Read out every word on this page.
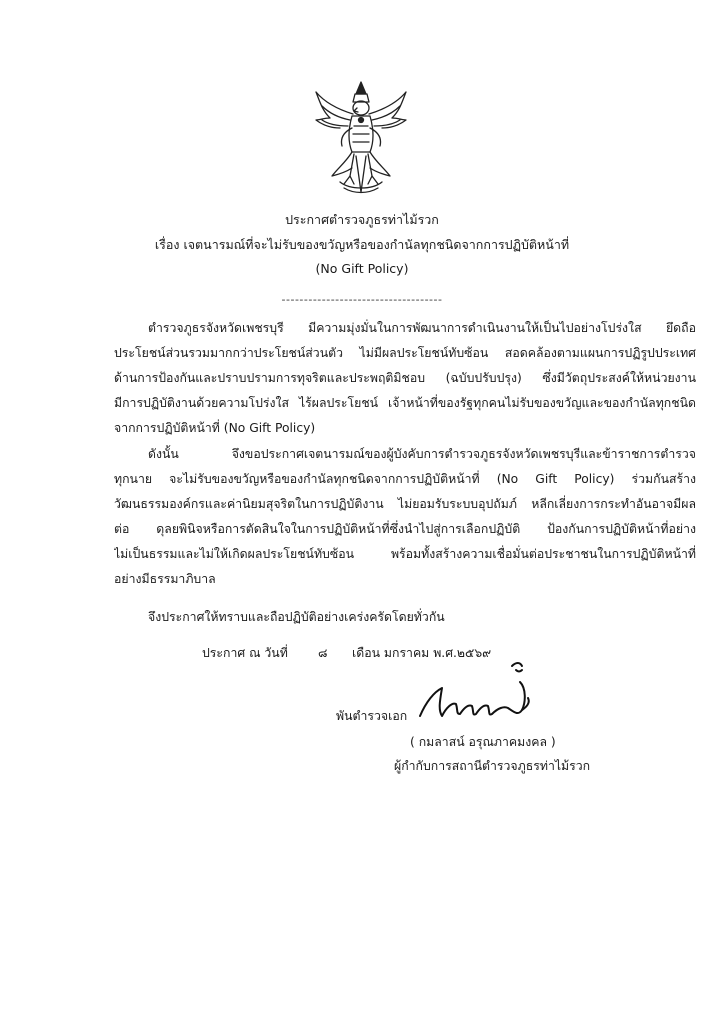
ประกาศตำรวจภูธรท่าไม้รวก
เรื่อง เจตนารมณ์ที่จะไม่รับของขวัญหรือของกำนัลทุกชนิดจากการปฏิบัติหน้าที่
(No Gift Policy)
------------------------------------
ตำรวจภูธรจังหวัดเพชรบุรี มีความมุ่งมั่นในการพัฒนาการดำเนินงานให้เป็นไปอย่างโปร่งใส ยึดถือ
ประโยชน์ส่วนรวมมากกว่าประโยชน์ส่วนตัว ไม่มีผลประโยชน์ทับซ้อน สอดคล้องตามแผนการปฏิรูปประเทศ
ด้านการป้องกันและปราบปรามการทุจริตและประพฤติมิชอบ (ฉบับปรับปรุง) ซึ่งมีวัตถุประสงค์ให้หน่วยงาน
มีการปฏิบัติงานด้วยความโปร่งใส ไร้ผลประโยชน์ เจ้าหน้าที่ของรัฐทุกคนไม่รับของขวัญและของกำนัลทุกชนิด
จากการปฏิบัติหน้าที่ (No Gift Policy)
ดังนั้น จึงขอประกาศเจตนารมณ์ของผู้บังคับการตำรวจภูธรจังหวัดเพชรบุรีและข้าราชการตำรวจ
ทุกนาย จะไม่รับของขวัญหรือของกำนัลทุกชนิดจากการปฏิบัติหน้าที่ (No Gift Policy) ร่วมกันสร้าง
วัฒนธรรมองค์กรและค่านิยมสุจริตในการปฏิบัติงาน ไม่ยอมรับระบบอุปถัมภ์ หลีกเลี่ยงการกระทำอันอาจมีผล
ต่อ ดุลยพินิจหรือการตัดสินใจในการปฏิบัติหน้าที่ซึ่งนำไปสู่การเลือกปฏิบัติ ป้องกันการปฏิบัติหน้าที่อย่าง
ไม่เป็นธรรมและไม่ให้เกิดผลประโยชน์ทับซ้อน พร้อมทั้งสร้างความเชื่อมั่นต่อประชาชนในการปฏิบัติหน้าที่
อย่างมีธรรมาภิบาล
จึงประกาศให้ทราบและถือปฏิบัติอย่างเคร่งครัดโดยทั่วกัน
ประกาศ ณ วันที่ ๘ เดือน มกราคม พ.ศ.๒๕๖๙
พันตำรวจเอก
( กมลาสน์ อรุณภาคมงคล )
ผู้กำกับการสถานีตำรวจภูธรท่าไม้รวก
